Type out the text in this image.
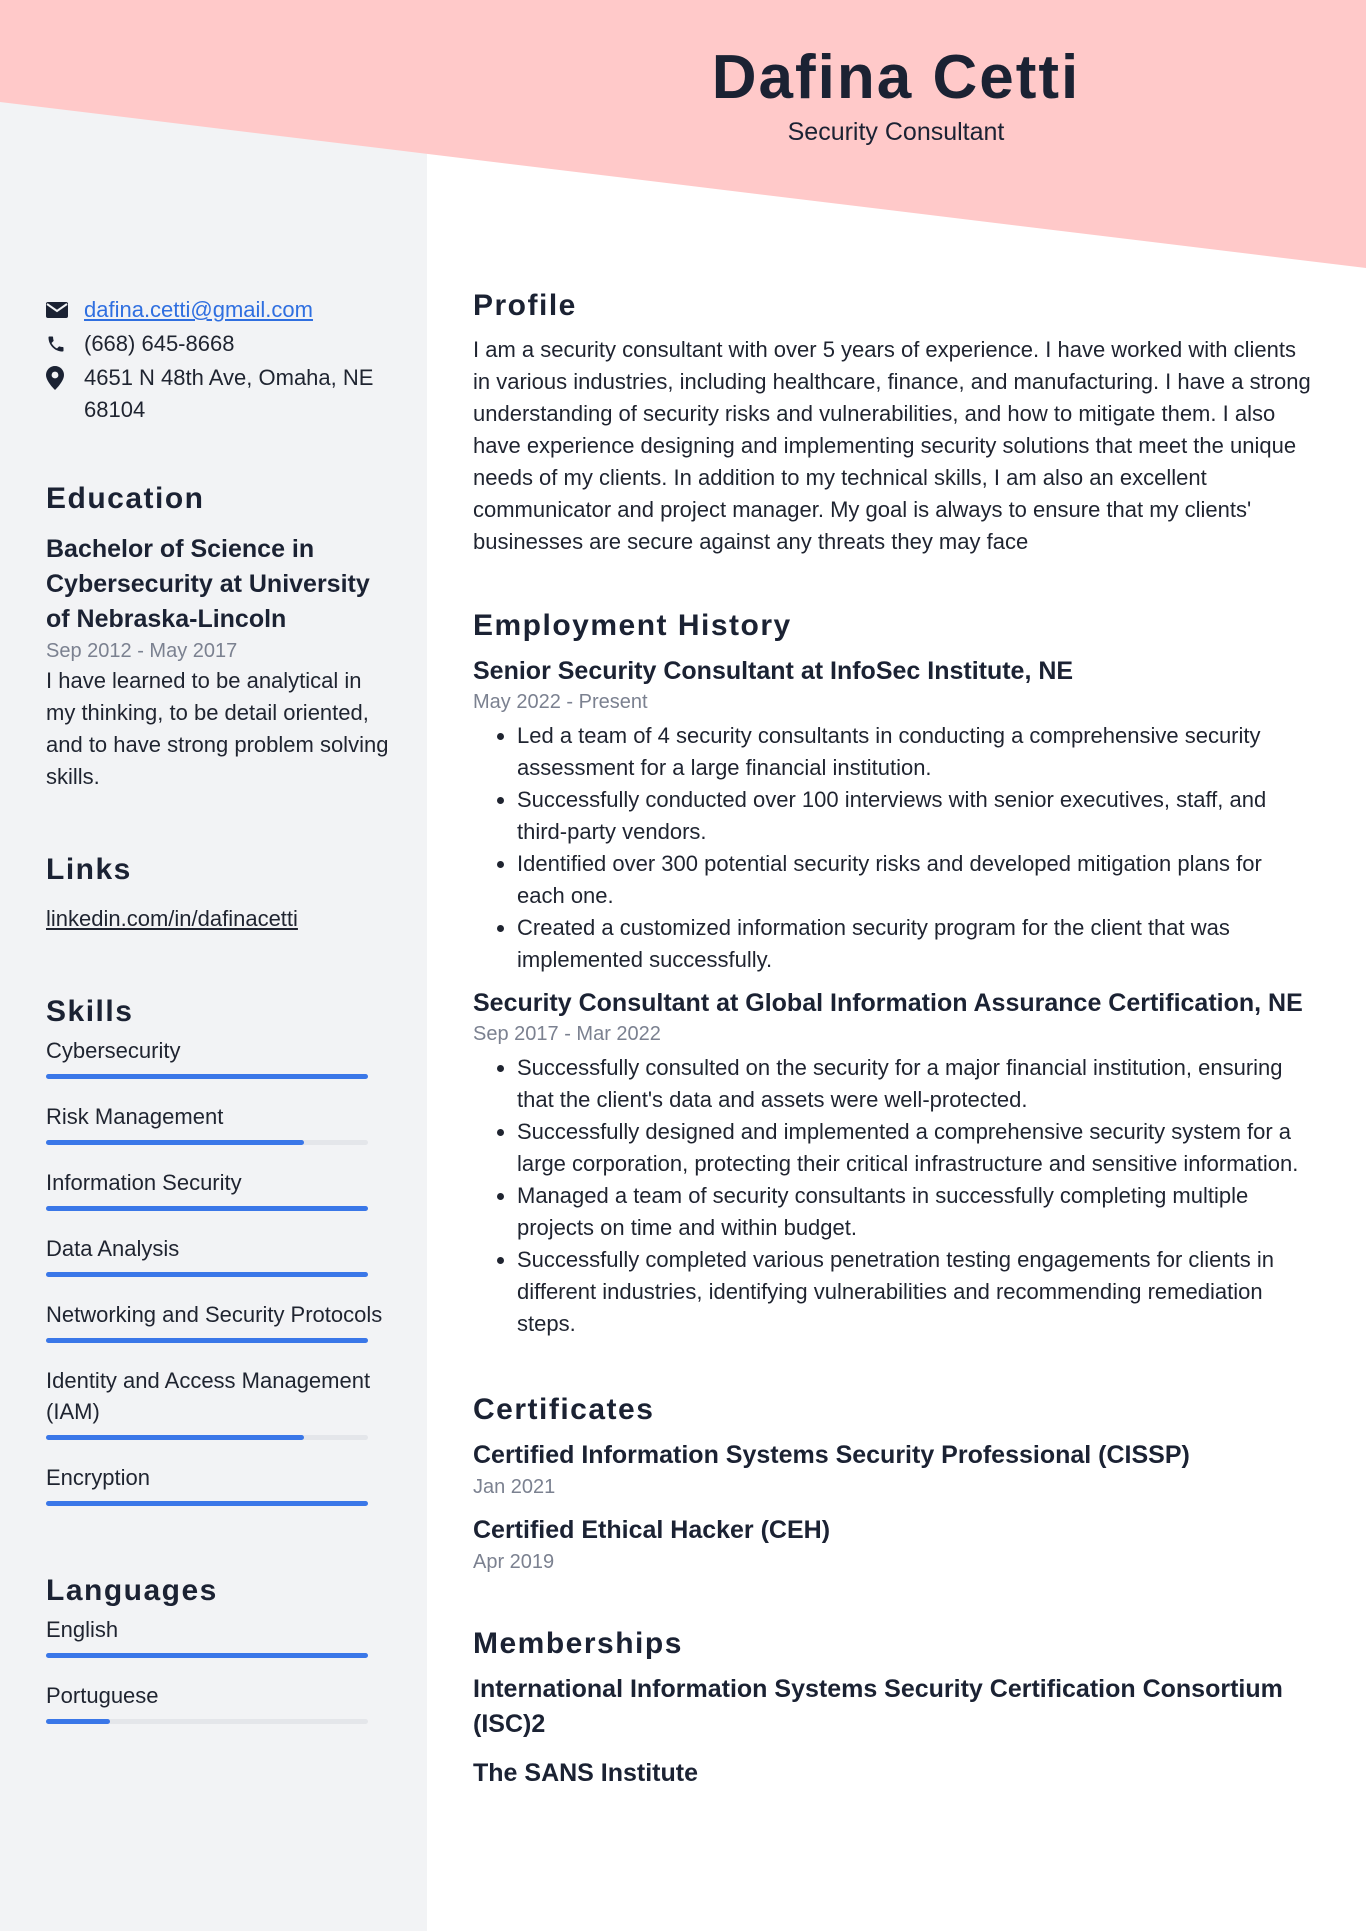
Dafina Cetti
Security Consultant
dafina.cetti@gmail.com
(668) 645-8668
4651 N 48th Ave, Omaha, NE 68104
Education
Bachelor of Science in Cybersecurity at University of Nebraska-Lincoln
Sep 2012 - May 2017
I have learned to be analytical in my thinking, to be detail oriented, and to have strong problem solving skills.
Links
linkedin.com/in/dafinacetti
Skills
Cybersecurity
Risk Management
Information Security
Data Analysis
Networking and Security Protocols
Identity and Access Management (IAM)
Encryption
Languages
English
Portuguese
Profile
I am a security consultant with over 5 years of experience. I have worked with clients in various industries, including healthcare, finance, and manufacturing. I have a strong understanding of security risks and vulnerabilities, and how to mitigate them. I also have experience designing and implementing security solutions that meet the unique needs of my clients. In addition to my technical skills, I am also an excellent communicator and project manager. My goal is always to ensure that my clients' businesses are secure against any threats they may face
Employment History
Senior Security Consultant at InfoSec Institute, NE
May 2022 - Present
• Led a team of 4 security consultants in conducting a comprehensive security assessment for a large financial institution.
• Successfully conducted over 100 interviews with senior executives, staff, and third-party vendors.
• Identified over 300 potential security risks and developed mitigation plans for each one.
• Created a customized information security program for the client that was implemented successfully.
Security Consultant at Global Information Assurance Certification, NE
Sep 2017 - Mar 2022
• Successfully consulted on the security for a major financial institution, ensuring that the client's data and assets were well-protected.
• Successfully designed and implemented a comprehensive security system for a large corporation, protecting their critical infrastructure and sensitive information.
• Managed a team of security consultants in successfully completing multiple projects on time and within budget.
• Successfully completed various penetration testing engagements for clients in different industries, identifying vulnerabilities and recommending remediation steps.
Certificates
Certified Information Systems Security Professional (CISSP)
Jan 2021
Certified Ethical Hacker (CEH)
Apr 2019
Memberships
International Information Systems Security Certification Consortium (ISC)2
The SANS Institute
